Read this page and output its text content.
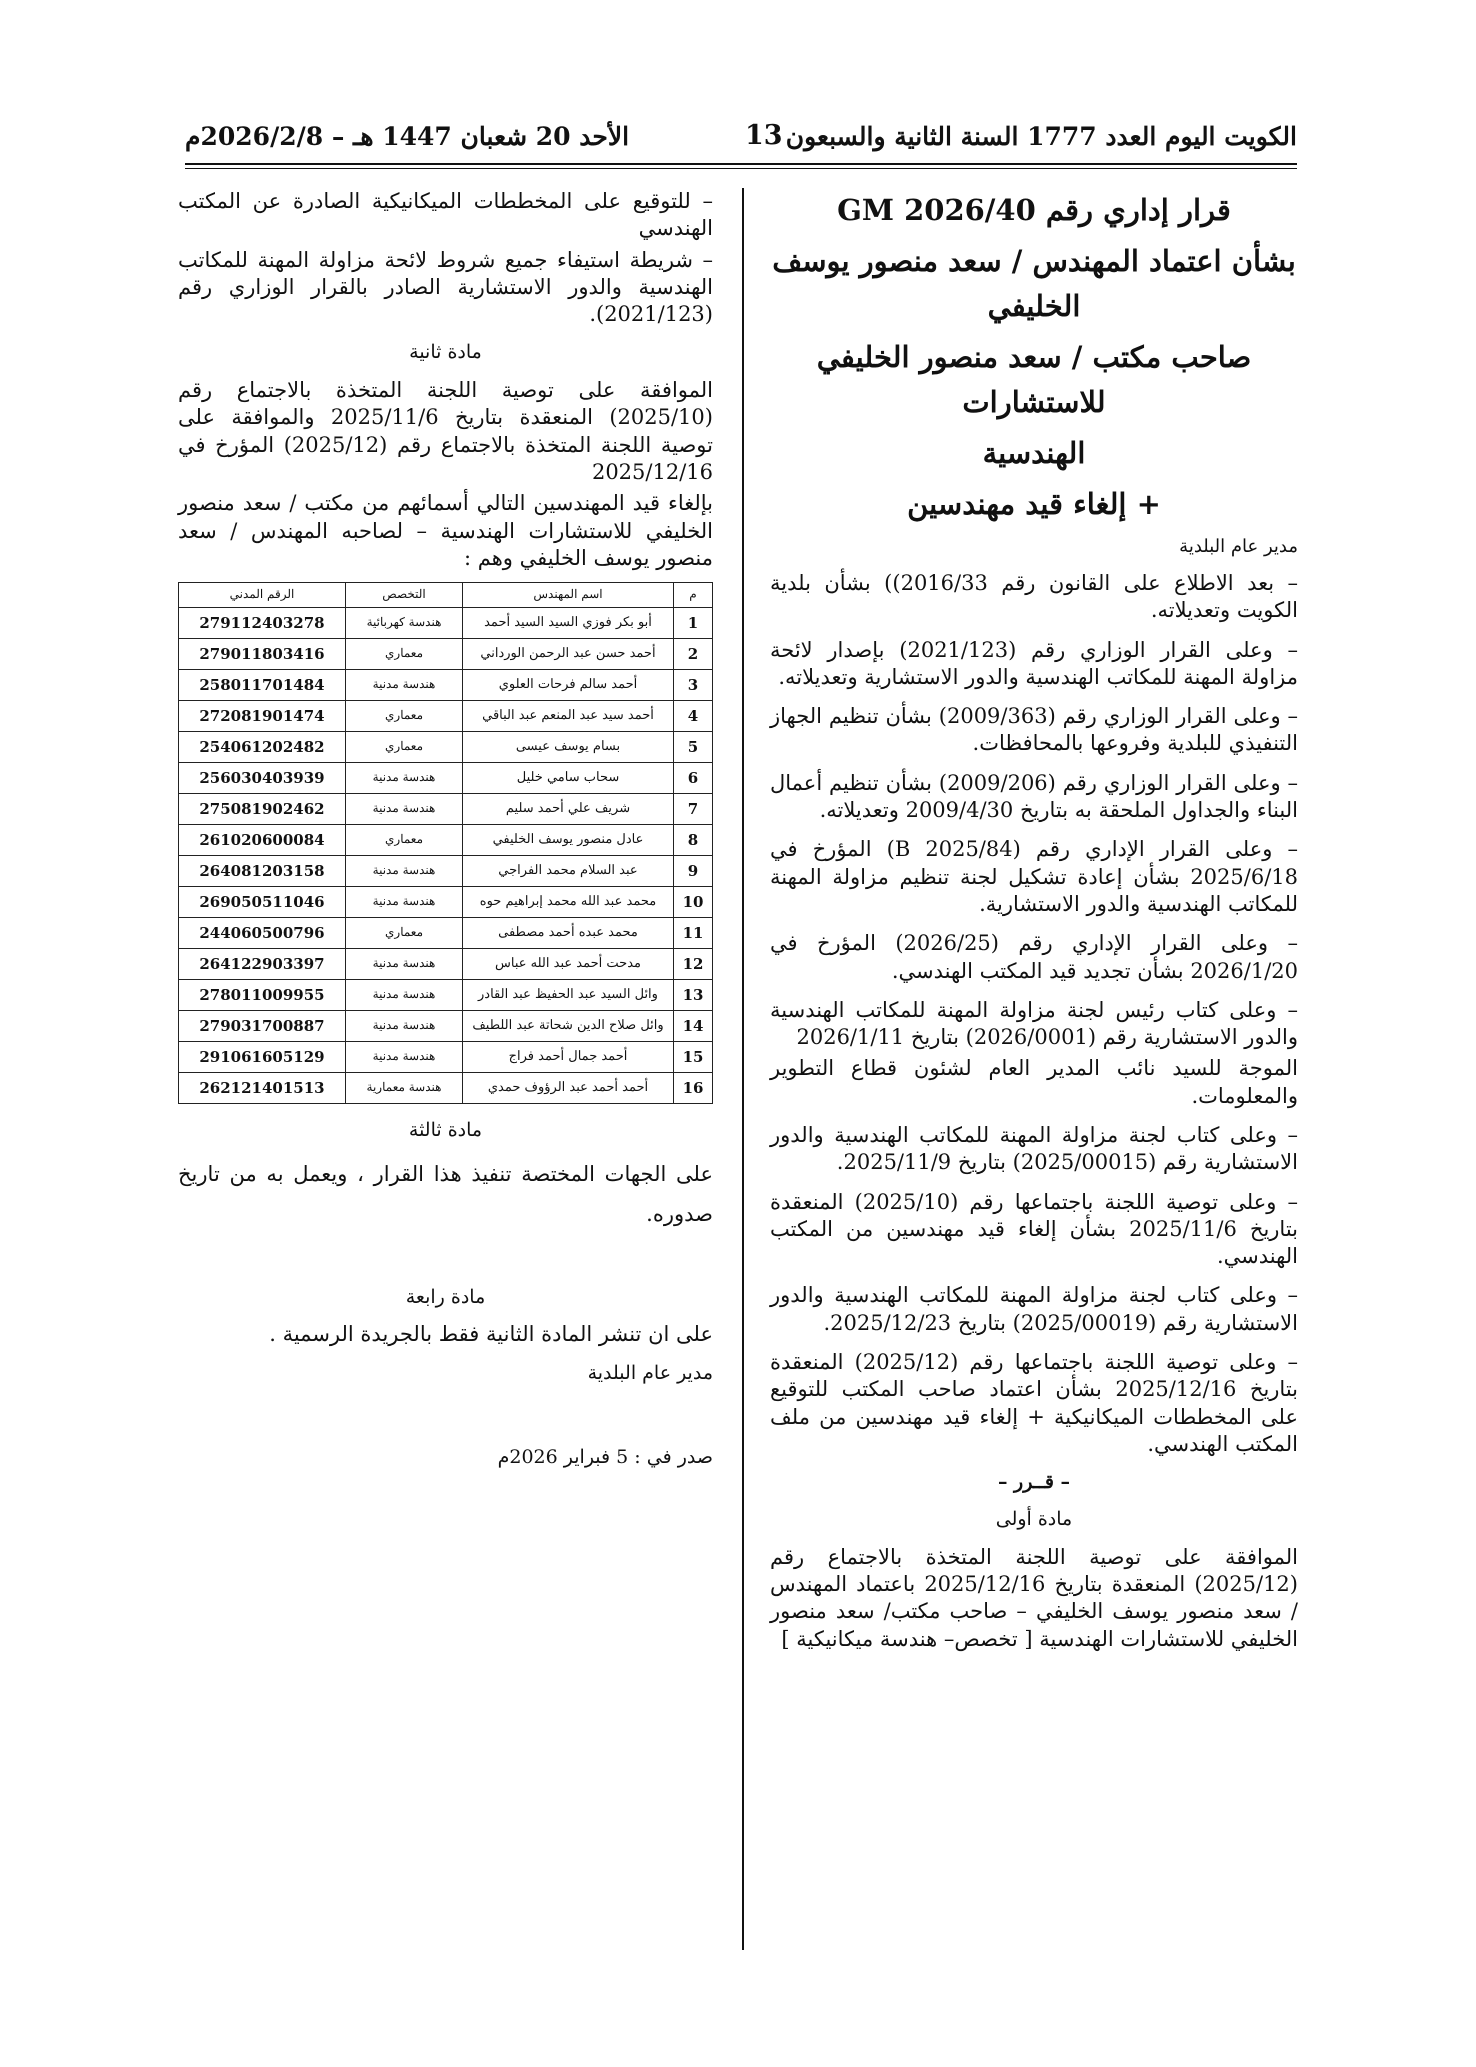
الأحد 20 شعبان 1447 هـ – 2026/2/8م	13 الكويت اليوم العدد 1777 السنة الثانية والسبعون
قرار إداري رقم 2026/40 GM
بشأن اعتماد المهندس / سعد منصور يوسف الخليفي
صاحب مكتب / سعد منصور الخليفي للاستشارات
الهندسية
+ إلغاء قيد مهندسين
مدير عام البلدية

– بعد الاطلاع على القانون رقم 2016/33)) بشأن بلدية الكويت وتعديلاته.

– وعلى القرار الوزاري رقم (2021/123) بإصدار لائحة مزاولة المهنة للمكاتب الهندسية والدور الاستشارية وتعديلاته.

– وعلى القرار الوزاري رقم (2009/363) بشأن تنظيم الجهاز التنفيذي للبلدية وفروعها بالمحافظات.

– وعلى القرار الوزاري رقم (2009/206) بشأن تنظيم أعمال البناء والجداول الملحقة به بتاريخ 2009/4/30 وتعديلاته.

– وعلى القرار الإداري رقم (2025/84 B) المؤرخ في 2025/6/18 بشأن إعادة تشكيل لجنة تنظيم مزاولة المهنة للمكاتب الهندسية والدور الاستشارية.

– وعلى القرار الإداري رقم (2026/25) المؤرخ في 2026/1/20 بشأن تجديد قيد المكتب الهندسي.

– وعلى كتاب رئيس لجنة مزاولة المهنة للمكاتب الهندسية والدور الاستشارية رقم (2026/0001) بتاريخ 2026/1/11

الموجة للسيد نائب المدير العام لشئون قطاع التطوير والمعلومات.

– وعلى كتاب لجنة مزاولة المهنة للمكاتب الهندسية والدور الاستشارية رقم (2025/00015) بتاريخ 2025/11/9.

– وعلى توصية اللجنة باجتماعها رقم (2025/10) المنعقدة بتاريخ 2025/11/6 بشأن إلغاء قيد مهندسين من المكتب الهندسي.

– وعلى كتاب لجنة مزاولة المهنة للمكاتب الهندسية والدور الاستشارية رقم (2025/00019) بتاريخ 2025/12/23.

– وعلى توصية اللجنة باجتماعها رقم (2025/12) المنعقدة بتاريخ 2025/12/16 بشأن اعتماد صاحب المكتب للتوقيع على المخططات الميكانيكية + إلغاء قيد مهندسين من ملف المكتب الهندسي.

– قــرر –
مادة أولى

الموافقة على توصية اللجنة المتخذة بالاجتماع رقم (2025/12) المنعقدة بتاريخ 2025/12/16 باعتماد المهندس / سعد منصور يوسف الخليفي – صاحب مكتب/ سعد منصور الخليفي للاستشارات الهندسية [ تخصص– هندسة ميكانيكية ]

– للتوقيع على المخططات الميكانيكية الصادرة عن المكتب الهندسي

– شريطة استيفاء جميع شروط لائحة مزاولة المهنة للمكاتب الهندسية والدور الاستشارية الصادر بالقرار الوزاري رقم (2021/123).

مادة ثانية

الموافقة على توصية اللجنة المتخذة بالاجتماع رقم (2025/10) المنعقدة بتاريخ 2025/11/6 والموافقة على توصية اللجنة المتخذة بالاجتماع رقم (2025/12) المؤرخ في 2025/12/16

بإلغاء قيد المهندسين التالي أسمائهم من مكتب / سعد منصور الخليفي للاستشارات الهندسية – لصاحبه المهندس / سعد منصور يوسف الخليفي وهم :

م	اسم المهندس	التخصص	الرقم المدني
1	أبو بكر فوزي السيد السيد أحمد	هندسة كهربائية	279112403278
2	أحمد حسن عبد الرحمن الورداني	معماري	279011803416
3	أحمد سالم فرحات العلوي	هندسة مدنية	258011701484
4	أحمد سيد عبد المنعم عبد الباقي	معماري	272081901474
5	بسام يوسف عيسى	معماري	254061202482
6	سحاب سامي خليل	هندسة مدنية	256030403939
7	شريف علي أحمد سليم	هندسة مدنية	275081902462
8	عادل منصور يوسف الخليفي	معماري	261020600084
9	عبد السلام محمد الفراجي	هندسة مدنية	264081203158
10	محمد عبد الله محمد إبراهيم حوه	هندسة مدنية	269050511046
11	محمد عبده أحمد مصطفى	معماري	244060500796
12	مدحت أحمد عبد الله عباس	هندسة مدنية	264122903397
13	وائل السيد عبد الحفيظ عبد القادر	هندسة مدنية	278011009955
14	وائل صلاح الدين شحاتة عبد اللطيف	هندسة مدنية	279031700887
15	أحمد جمال أحمد فراج	هندسة مدنية	291061605129
16	أحمد أحمد عبد الرؤوف حمدي	هندسة معمارية	262121401513
مادة ثالثة

على الجهات المختصة تنفيذ هذا القرار ، ويعمل به من تاريخ صدوره.

مادة رابعة

على ان تنشر المادة الثانية فقط بالجريدة الرسمية .

مدير عام البلدية

صدر في : 5 فبراير 2026م
